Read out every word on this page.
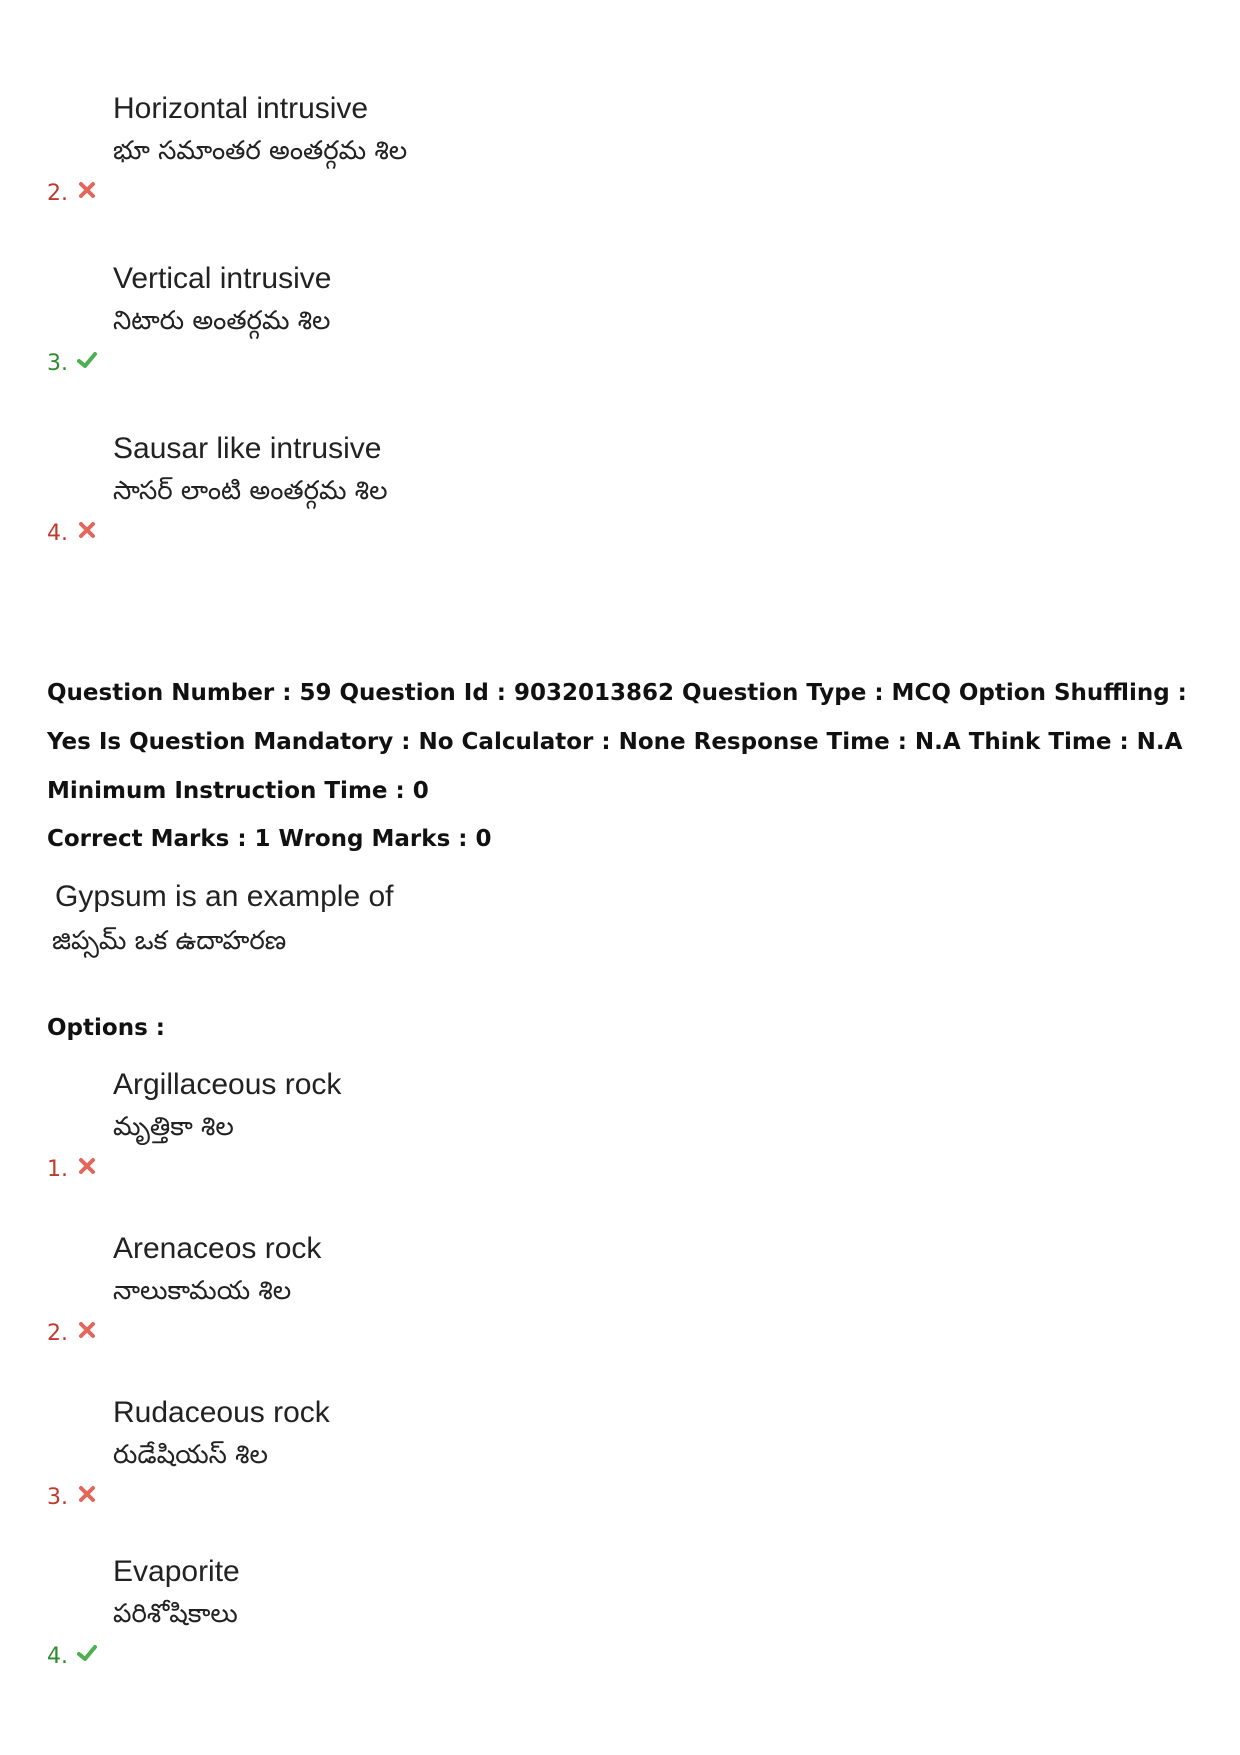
2.
Horizontal intrusive
భూ సమాంతర అంతర్గమ శిల
3.
Vertical intrusive
నిటారు అంతర్గమ శిల
4.
Sausar like intrusive
సాసర్ లాంటి అంతర్గమ శిల
Question Number : 59 Question Id : 9032013862 Question Type : MCQ Option Shuffling : Yes Is Question Mandatory : No Calculator : None Response Time : N.A Think Time : N.A Minimum Instruction Time : 0
Correct Marks : 1 Wrong Marks : 0
Gypsum is an example of
జిప్సమ్ ఒక ఉదాహరణ
Options :
1.
Argillaceous rock
మృత్తికా శిల
2.
Arenaceos rock
నాలుకామయ శిల
3.
Rudaceous rock
రుడేషియస్ శిల
4.
Evaporite
పరిశోషికాలు
